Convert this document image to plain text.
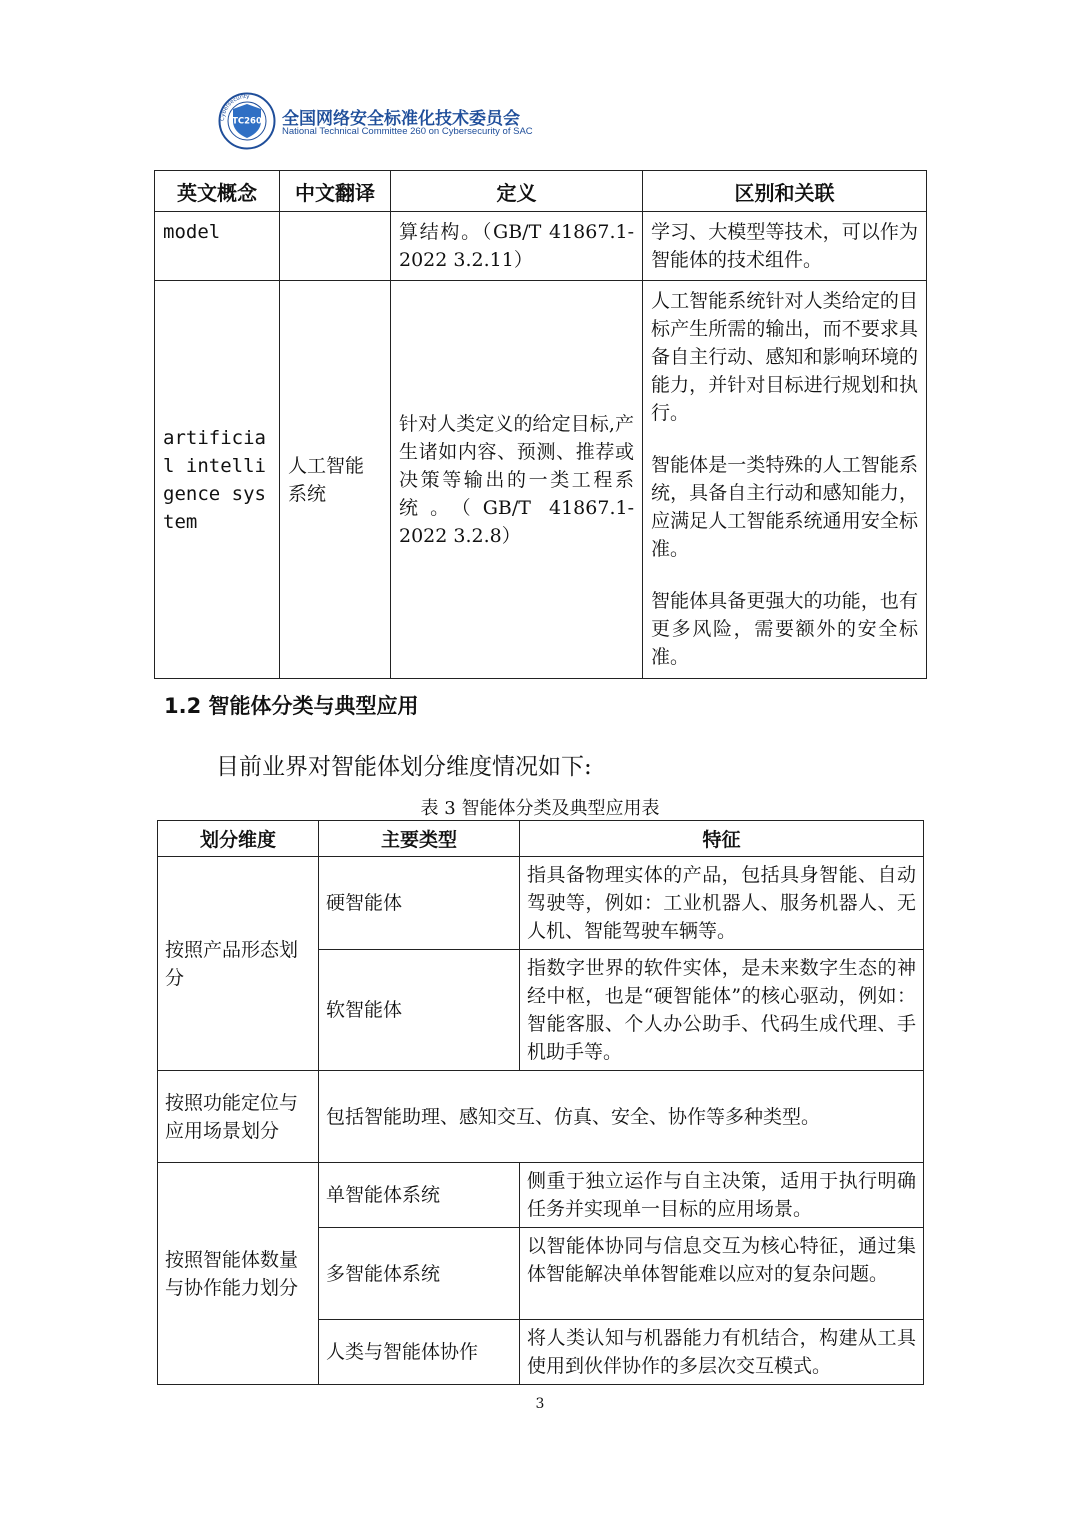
Cybersecurity
TC260 全国网络安全标准化技术委员会
National Technical Committee 260 on Cybersecurity of SAC
英文概念	中文翻译	定义	区别和关联
model		算结构。（GB/T 41867.1-2022 3.2.11）	学习、大模型等技术，可以作为智能体的技术组件。

artificial intelligence system	人工智能系统	针对人类定义的给定目标,产生诸如内容、预测、推荐或决策等输出的一类工程系统。（GB/T 41867.1-2022 3.2.8）	人工智能系统针对人类给定的目标产生所需的输出，而不要求具备自主行动、感知和影响环境的能力，并针对目标进行规划和执行。

智能体是一类特殊的人工智能系统，具备自主行动和感知能力，应满足人工智能系统通用安全标准。

智能体具备更强大的功能，也有更多风险，需要额外的安全标准。

1.2 智能体分类与典型应用
目前业界对智能体划分维度情况如下:
表 3 智能体分类及典型应用表
划分维度	主要类型	特征
按照产品形态划分	硬智能体	指具备物理实体的产品，包括具身智能、自动驾驶等，例如：工业机器人、服务机器人、无人机、智能驾驶车辆等。
	软智能体	指数字世界的软件实体，是未来数字生态的神经中枢，也是“硬智能体”的核心驱动，例如：智能客服、个人办公助手、代码生成代理、手机助手等。
按照功能定位与应用场景划分	包括智能助理、感知交互、仿真、安全、协作等多种类型。	
按照智能体数量与协作能力划分	单智能体系统	侧重于独立运作与自主决策，适用于执行明确任务并实现单一目标的应用场景。
	多智能体系统	以智能体协同与信息交互为核心特征，通过集体智能解决单体智能难以应对的复杂问题。
	人类与智能体协作	将人类认知与机器能力有机结合，构建从工具使用到伙伴协作的多层次交互模式。
3
